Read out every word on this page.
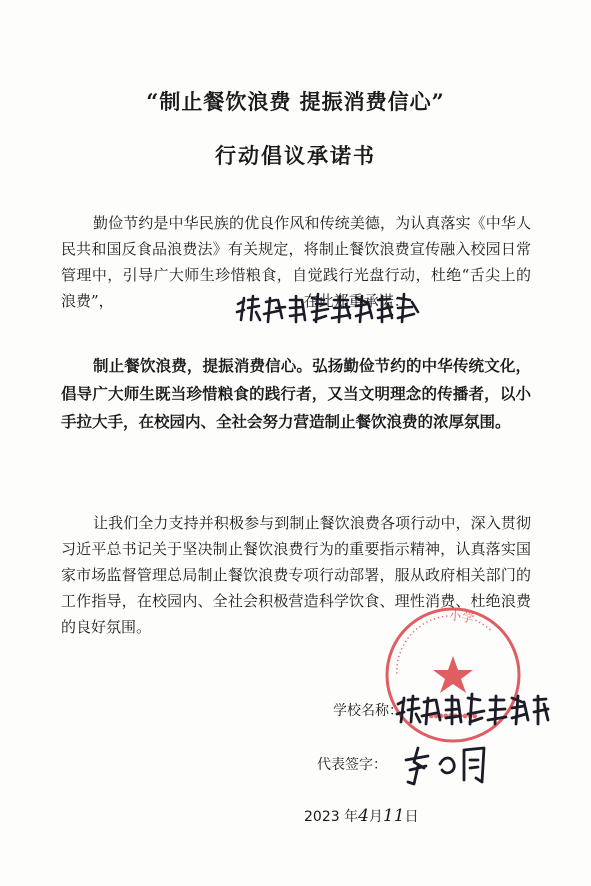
“制止餐饮浪费 提振消费信心”
行动倡议承诺书

勤俭节约是中华民族的优良作风和传统美德，为认真落实《中华人民共和国反食品浪费法》有关规定，将制止餐饮浪费宣传融入校园日常管理中，引导广大师生珍惜粮食，自觉践行光盘行动，杜绝“舌尖上的浪费”，	在此郑重承诺：

制止餐饮浪费，提振消费信心。弘扬勤俭节约的中华传统文化，倡导广大师生既当珍惜粮食的践行者，又当文明理念的传播者，以小手拉大手，在校园内、全社会努力营造制止餐饮浪费的浓厚氛围。

让我们全力支持并积极参与到制止餐饮浪费各项行动中，深入贯彻习近平总书记关于坚决制止餐饮浪费行为的重要指示精神，认真落实国家市场监督管理总局制止餐饮浪费专项行动部署，服从政府相关部门的工作指导，在校园内、全社会积极营造科学饮食、理性消费、杜绝浪费的良好氛围。

·····················小学·····
●●●●●●●●●●
学校名称：
代表签字：
2023 年4月11日
